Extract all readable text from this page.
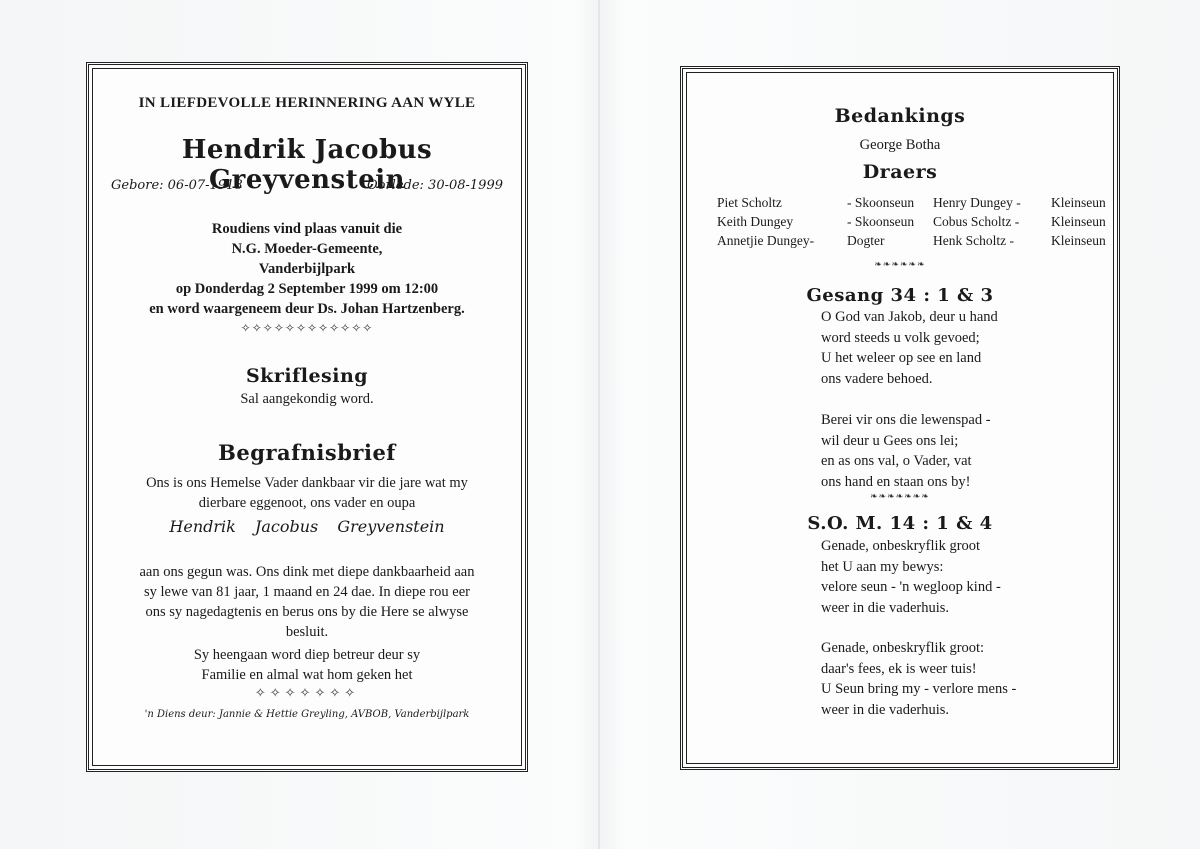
IN LIEFDEVOLLE HERINNERING AAN WYLE
Hendrik Jacobus Greyvenstein
Gebore: 06-07-1918	Oorlede: 30-08-1999
Roudiens vind plaas vanuit die
N.G. Moeder-Gemeente,
Vanderbijlpark
op Donderdag 2 September 1999 om 12:00
en word waargeneem deur Ds. Johan Hartzenberg.
✧✧✧✧✧✧✧✧✧✧✧✧
Skriflesing
Sal aangekondig word.
Begrafnisbrief
Ons is ons Hemelse Vader dankbaar vir die jare wat my
dierbare eggenoot, ons vader en oupa
Hendrik Jacobus Greyvenstein
aan ons gegun was. Ons dink met diepe dankbaarheid aan
sy lewe van 81 jaar, 1 maand en 24 dae. In diepe rou eer
ons sy nagedagtenis en berus ons by die Here se alwyse
besluit.
Sy heengaan word diep betreur deur sy
Familie en almal wat hom geken het
✧✧✧✧✧✧✧
'n Diens deur: Jannie & Hettie Greyling, AVBOB, Vanderbijlpark
Bedankings
George Botha
Draers
Piet Scholtz	- Skoonseun	Henry Dungey -	Kleinseun
Keith Dungey	- Skoonseun	Cobus Scholtz -	Kleinseun
Annetjie Dungey-	Dogter	Henk Scholtz -	Kleinseun
❧❧❧❧❧❧
Gesang 34 : 1 & 3
O God van Jakob, deur u hand
word steeds u volk gevoed;
U het weleer op see en land
ons vadere behoed.
Berei vir ons die lewenspad -
wil deur u Gees ons lei;
en as ons val, o Vader, vat
ons hand en staan ons by!
❧❧❧❧❧❧❧
S.O. M. 14 : 1 & 4
Genade, onbeskryflik groot
het U aan my bewys:
velore seun - 'n wegloop kind -
weer in die vaderhuis.
Genade, onbeskryflik groot:
daar's fees, ek is weer tuis!
U Seun bring my - verlore mens -
weer in die vaderhuis.
